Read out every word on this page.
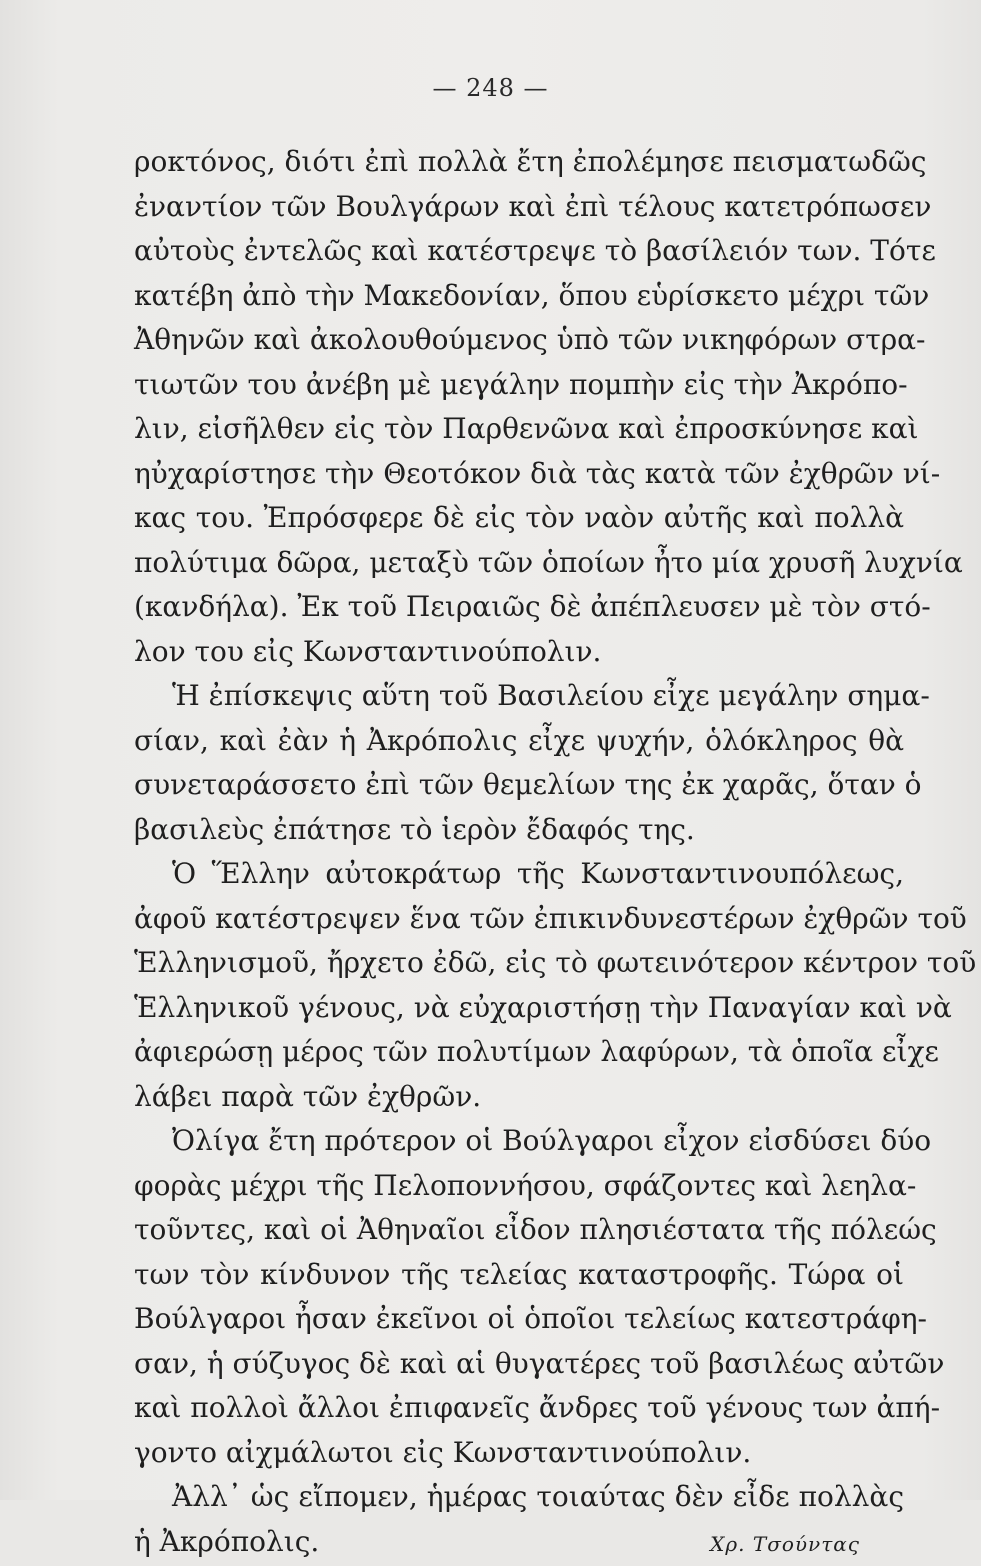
— 248 —
ροκτόνος, διότι ἐπὶ πολλὰ ἔτη ἐπολέμησε πεισματωδῶς
ἐναντίον τῶν Βουλγάρων καὶ ἐπὶ τέλους κατετρόπωσεν
αὐτοὺς ἐντελῶς καὶ κατέστρεψε τὸ βασίλειόν των. Τότε
κατέβη ἀπὸ τὴν Μακεδονίαν, ὅπου εὑρίσκετο μέχρι τῶν
Ἀθηνῶν καὶ ἀκολουθούμενος ὑπὸ τῶν νικηφόρων στρα-
τιωτῶν του ἀνέβη μὲ μεγάλην πομπὴν εἰς τὴν Ἀκρόπο-
λιν, εἰσῆλθεν εἰς τὸν Παρθενῶνα καὶ ἐπροσκύνησε καὶ
ηὐχαρίστησε τὴν Θεοτόκον διὰ τὰς κατὰ τῶν ἐχθρῶν νί-
κας του. Ἐπρόσφερε δὲ εἰς τὸν ναὸν αὐτῆς καὶ πολλὰ
πολύτιμα δῶρα, μεταξὺ τῶν ὁποίων ἦτο μία χρυσῆ λυχνία
(κανδήλα). Ἐκ τοῦ Πειραιῶς δὲ ἀπέπλευσεν μὲ τὸν στό-
λον του εἰς Κωνσταντινούπολιν.
Ἡ ἐπίσκεψις αὕτη τοῦ Βασιλείου εἶχε μεγάλην σημα-
σίαν, καὶ ἐὰν ἡ Ἀκρόπολις εἶχε ψυχήν, ὁλόκληρος θὰ
συνεταράσσετο ἐπὶ τῶν θεμελίων της ἐκ χαρᾶς, ὅταν ὁ
βασιλεὺς ἐπάτησε τὸ ἱερὸν ἔδαφός της.
Ὁ Ἕλλην αὐτοκράτωρ τῆς Κωνσταντινουπόλεως,
ἀφοῦ κατέστρεψεν ἕνα τῶν ἐπικινδυνεστέρων ἐχθρῶν τοῦ
Ἑλληνισμοῦ, ἤρχετο ἐδῶ, εἰς τὸ φωτεινότερον κέντρον τοῦ
Ἑλληνικοῦ γένους, νὰ εὐχαριστήσῃ τὴν Παναγίαν καὶ νὰ
ἀφιερώσῃ μέρος τῶν πολυτίμων λαφύρων, τὰ ὁποῖα εἶχε
λάβει παρὰ τῶν ἐχθρῶν.
Ὀλίγα ἔτη πρότερον οἱ Βούλγαροι εἶχον εἰσδύσει δύο
φορὰς μέχρι τῆς Πελοποννήσου, σφάζοντες καὶ λεηλα-
τοῦντες, καὶ οἱ Ἀθηναῖοι εἶδον πλησιέστατα τῆς πόλεώς
των τὸν κίνδυνον τῆς τελείας καταστροφῆς. Τώρα οἱ
Βούλγαροι ἦσαν ἐκεῖνοι οἱ ὁποῖοι τελείως κατεστράφη-
σαν, ἡ σύζυγος δὲ καὶ αἱ θυγατέρες τοῦ βασιλέως αὐτῶν
καὶ πολλοὶ ἄλλοι ἐπιφανεῖς ἄνδρες τοῦ γένους των ἀπή-
γοντο αἰχμάλωτοι εἰς Κωνσταντινούπολιν.
Ἀλλ᾽ ὡς εἴπομεν, ἡμέρας τοιαύτας δὲν εἶδε πολλὰς
ἡ Ἀκρόπολις.	Χρ. Τσούντας
